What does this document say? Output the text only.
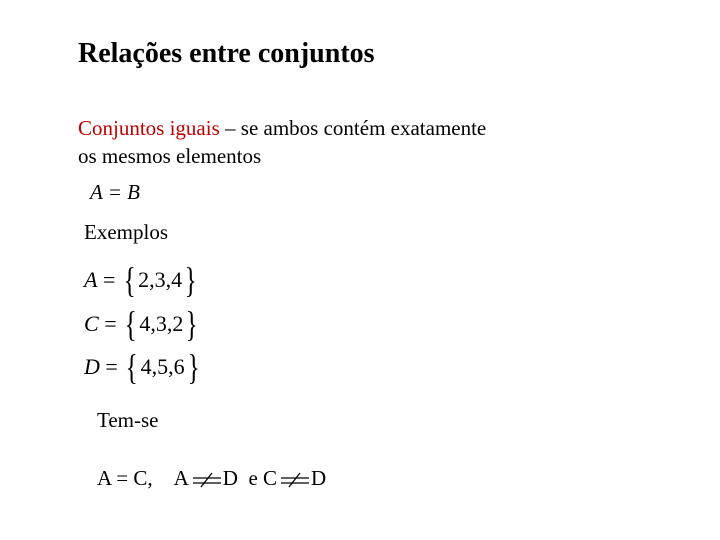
Relações entre conjuntos
Conjuntos iguais – se ambos contém exatamente
os mesmos elementos
A = B
Exemplos
A = { 2,3,4}
C = { 4,3,2}
D = { 4,5,6}
Tem-se
A = C, A D e C D
